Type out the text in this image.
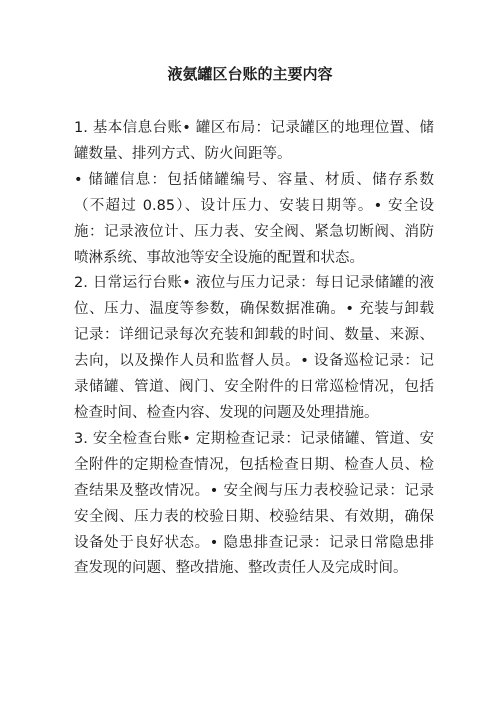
液氨罐区台账的主要内容

1. 基本信息台账• 罐区布局：记录罐区的地理位置、储罐数量、排列方式、防火间距等。

• 储罐信息：包括储罐编号、容量、材质、储存系数（不超过 0.85）、设计压力、安装日期等。• 安全设施：记录液位计、压力表、安全阀、紧急切断阀、消防喷淋系统、事故池等安全设施的配置和状态。

2. 日常运行台账• 液位与压力记录：每日记录储罐的液位、压力、温度等参数，确保数据准确。• 充装与卸载记录：详细记录每次充装和卸载的时间、数量、来源、去向，以及操作人员和监督人员。• 设备巡检记录：记录储罐、管道、阀门、安全附件的日常巡检情况，包括检查时间、检查内容、发现的问题及处理措施。

3. 安全检查台账• 定期检查记录：记录储罐、管道、安全附件的定期检查情况，包括检查日期、检查人员、检查结果及整改情况。• 安全阀与压力表校验记录：记录安全阀、压力表的校验日期、校验结果、有效期，确保设备处于良好状态。• 隐患排查记录：记录日常隐患排查发现的问题、整改措施、整改责任人及完成时间。
